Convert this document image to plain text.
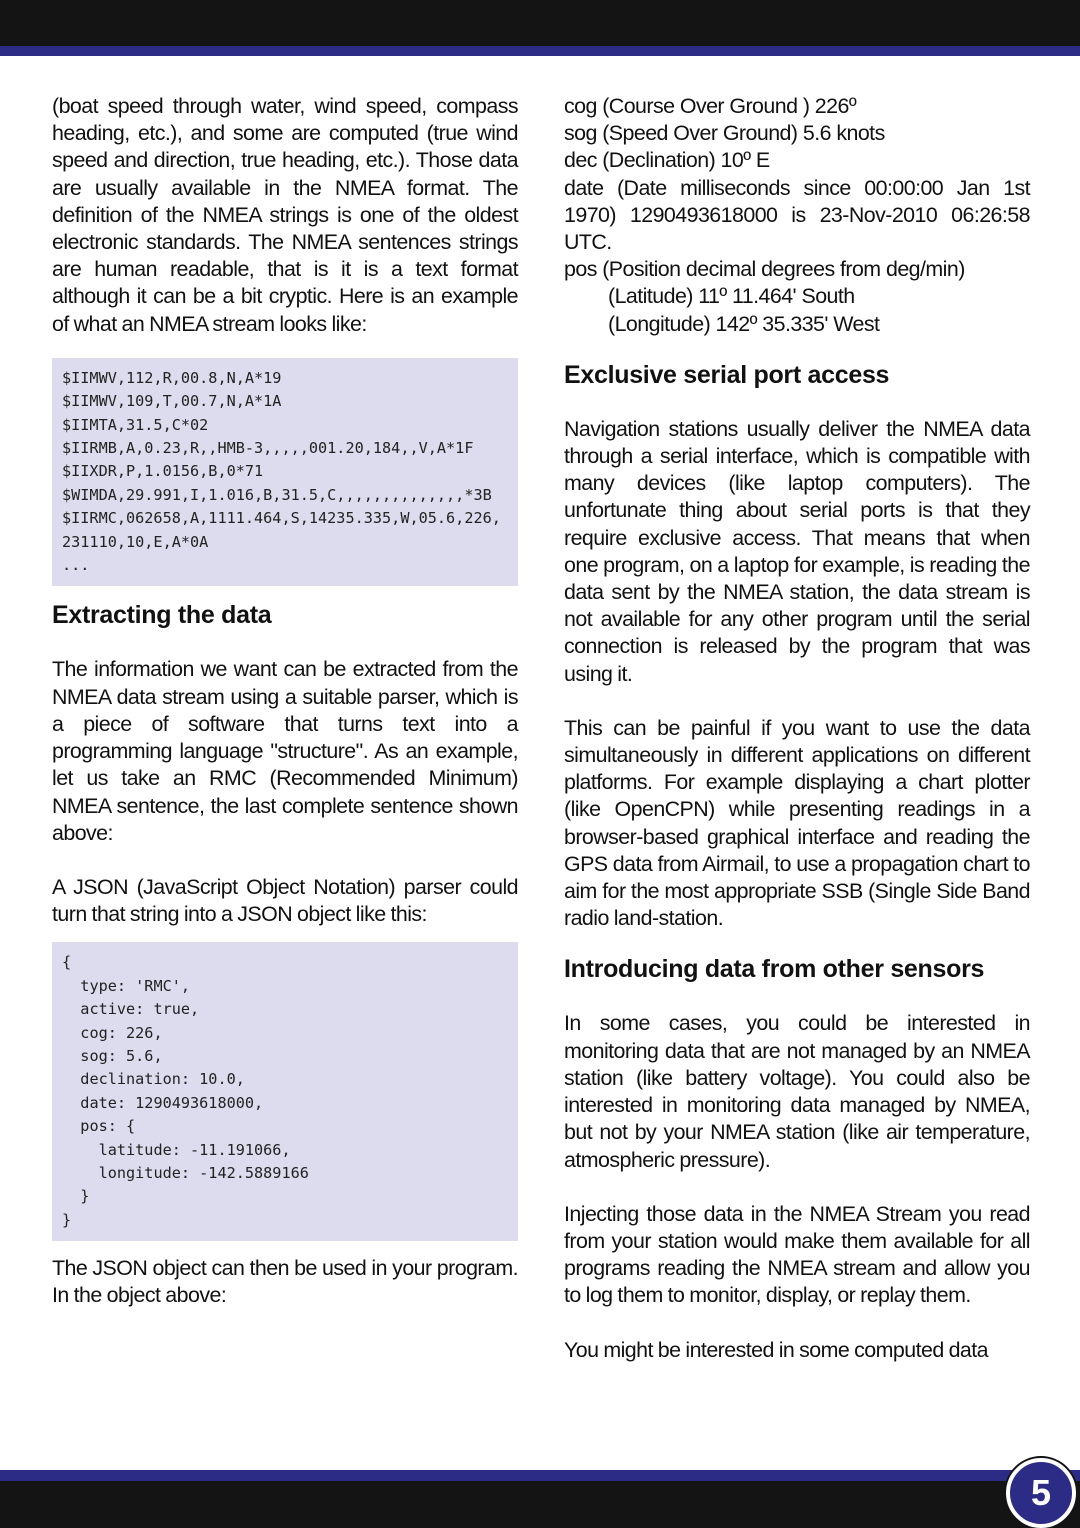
(boat speed through water, wind speed, compass heading, etc.), and some are computed (true wind speed and direction, true heading, etc.). Those data are usually available in the NMEA format. The definition of the NMEA strings is one of the oldest electronic standards. The NMEA sentences strings are human readable, that is it is a text format although it can be a bit cryptic. Here is an example of what an NMEA stream looks like:

$IIMWV,112,R,00.8,N,A*19
$IIMWV,109,T,00.7,N,A*1A
$IIMTA,31.5,C*02
$IIRMB,A,0.23,R,,HMB-3,,,,,001.20,184,,V,A*1F
$IIXDR,P,1.0156,B,0*71
$WIMDA,29.991,I,1.016,B,31.5,C,,,,,,,,,,,,,,*3B
$IIRMC,062658,A,1111.464,S,14235.335,W,05.6,226,231110,10,E,A*0A
...
Extracting the data

The information we want can be extracted from the NMEA data stream using a suitable parser, which is a piece of software that turns text into a programming language "structure". As an example, let us take an RMC (Recommended Minimum) NMEA sentence, the last complete sentence shown above:

A JSON (JavaScript Object Notation) parser could turn that string into a JSON object like this:

{
type: 'RMC',
active: true,
cog: 226,
sog: 5.6,
declination: 10.0,
date: 1290493618000,
pos: {
latitude: -11.191066,
longitude: -142.5889166
}
}

The JSON object can then be used in your program. In the object above:

cog (Course Over Ground ) 226º
sog (Speed Over Ground) 5.6 knots
dec (Declination) 10º E

date (Date milliseconds since 00:00:00 Jan 1st 1970) 1290493618000 is 23-Nov-2010 06:26:58 UTC.

pos (Position decimal degrees from deg/min)
(Latitude) 11º 11.464' South
(Longitude) 142º 35.335' West
Exclusive serial port access

Navigation stations usually deliver the NMEA data through a serial interface, which is compatible with many devices (like laptop computers). The unfortunate thing about serial ports is that they require exclusive access. That means that when one program, on a laptop for example, is reading the data sent by the NMEA station, the data stream is not available for any other program until the serial connection is released by the program that was using it.

This can be painful if you want to use the data simultaneously in different applications on different platforms. For example displaying a chart plotter (like OpenCPN) while presenting readings in a browser-based graphical interface and reading the GPS data from Airmail, to use a propagation chart to aim for the most appropriate SSB (Single Side Band radio land-station.

Introducing data from other sensors

In some cases, you could be interested in monitoring data that are not managed by an NMEA station (like battery voltage). You could also be interested in monitoring data managed by NMEA, but not by your NMEA station (like air temperature, atmospheric pressure).

Injecting those data in the NMEA Stream you read from your station would make them available for all programs reading the NMEA stream and allow you to log them to monitor, display, or replay them.

You might be interested in some computed data

5
